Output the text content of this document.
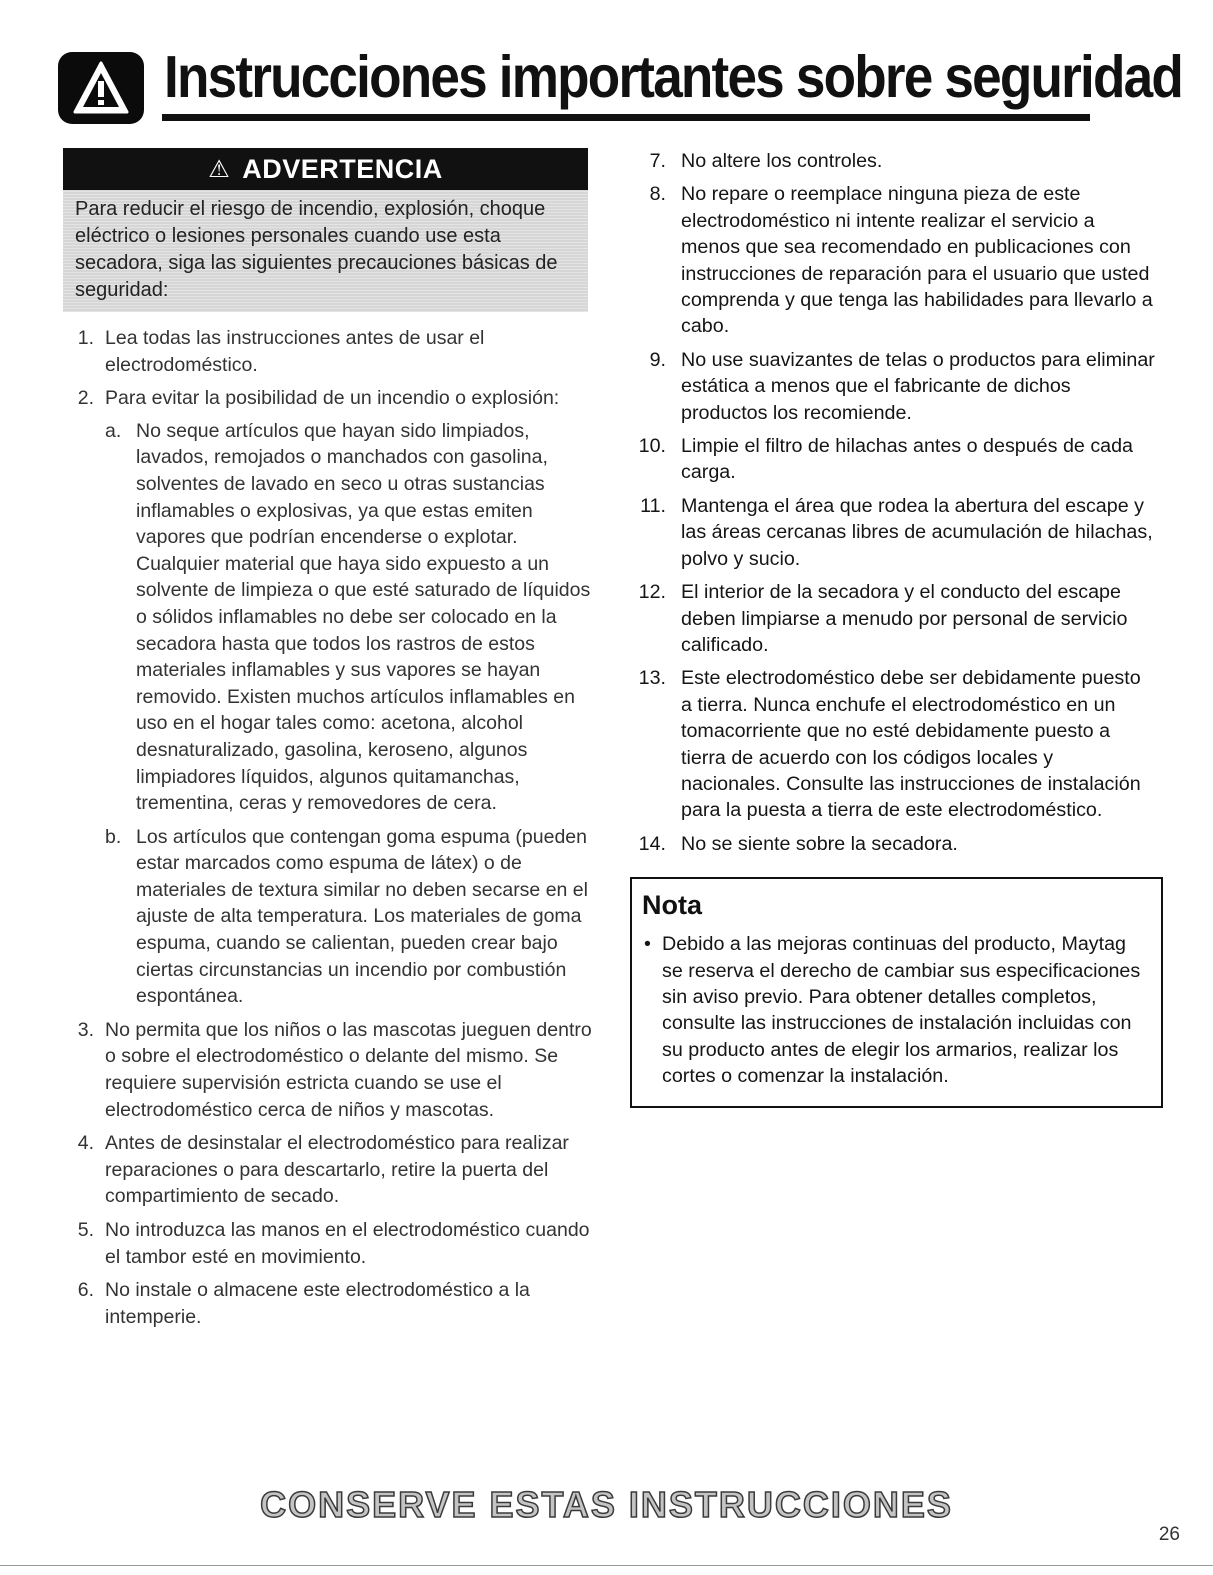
Instrucciones importantes sobre seguridad
⚠ ADVERTENCIA
Para reducir el riesgo de incendio, explosión, choque eléctrico o lesiones personales cuando use esta secadora, siga las siguientes precauciones básicas de seguridad:
1. Lea todas las instrucciones antes de usar el electrodoméstico.
2. Para evitar la posibilidad de un incendio o explosión:
a. No seque artículos que hayan sido limpiados, lavados, remojados o manchados con gasolina, solventes de lavado en seco u otras sustancias inflamables o explosivas, ya que estas emiten vapores que podrían encenderse o explotar. Cualquier material que haya sido expuesto a un solvente de limpieza o que esté saturado de líquidos o sólidos inflamables no debe ser colocado en la secadora hasta que todos los rastros de estos materiales inflamables y sus vapores se hayan removido. Existen muchos artículos inflamables en uso en el hogar tales como: acetona, alcohol desnaturalizado, gasolina, keroseno, algunos limpiadores líquidos, algunos quitamanchas, trementina, ceras y removedores de cera.
b. Los artículos que contengan goma espuma (pueden estar marcados como espuma de látex) o de materiales de textura similar no deben secarse en el ajuste de alta temperatura. Los materiales de goma espuma, cuando se calientan, pueden crear bajo ciertas circunstancias un incendio por combustión espontánea.
3. No permita que los niños o las mascotas jueguen dentro o sobre el electrodoméstico o delante del mismo. Se requiere supervisión estricta cuando se use el electrodoméstico cerca de niños y mascotas.
4. Antes de desinstalar el electrodoméstico para realizar reparaciones o para descartarlo, retire la puerta del compartimiento de secado.
5. No introduzca las manos en el electrodoméstico cuando el tambor esté en movimiento.
6. No instale o almacene este electrodoméstico a la intemperie.
7. No altere los controles.
8. No repare o reemplace ninguna pieza de este electrodoméstico ni intente realizar el servicio a menos que sea recomendado en publicaciones con instrucciones de reparación para el usuario que usted comprenda y que tenga las habilidades para llevarlo a cabo.
9. No use suavizantes de telas o productos para eliminar estática a menos que el fabricante de dichos productos los recomiende.
10. Limpie el filtro de hilachas antes o después de cada carga.
11. Mantenga el área que rodea la abertura del escape y las áreas cercanas libres de acumulación de hilachas, polvo y sucio.
12. El interior de la secadora y el conducto del escape deben limpiarse a menudo por personal de servicio calificado.
13. Este electrodoméstico debe ser debidamente puesto a tierra. Nunca enchufe el electrodoméstico en un tomacorriente que no esté debidamente puesto a tierra de acuerdo con los códigos locales y nacionales. Consulte las instrucciones de instalación para la puesta a tierra de este electrodoméstico.
14. No se siente sobre la secadora.
Nota
• Debido a las mejoras continuas del producto, Maytag se reserva el derecho de cambiar sus especificaciones sin aviso previo. Para obtener detalles completos, consulte las instrucciones de instalación incluidas con su producto antes de elegir los armarios, realizar los cortes o comenzar la instalación.
CONSERVE ESTAS INSTRUCCIONES
26
